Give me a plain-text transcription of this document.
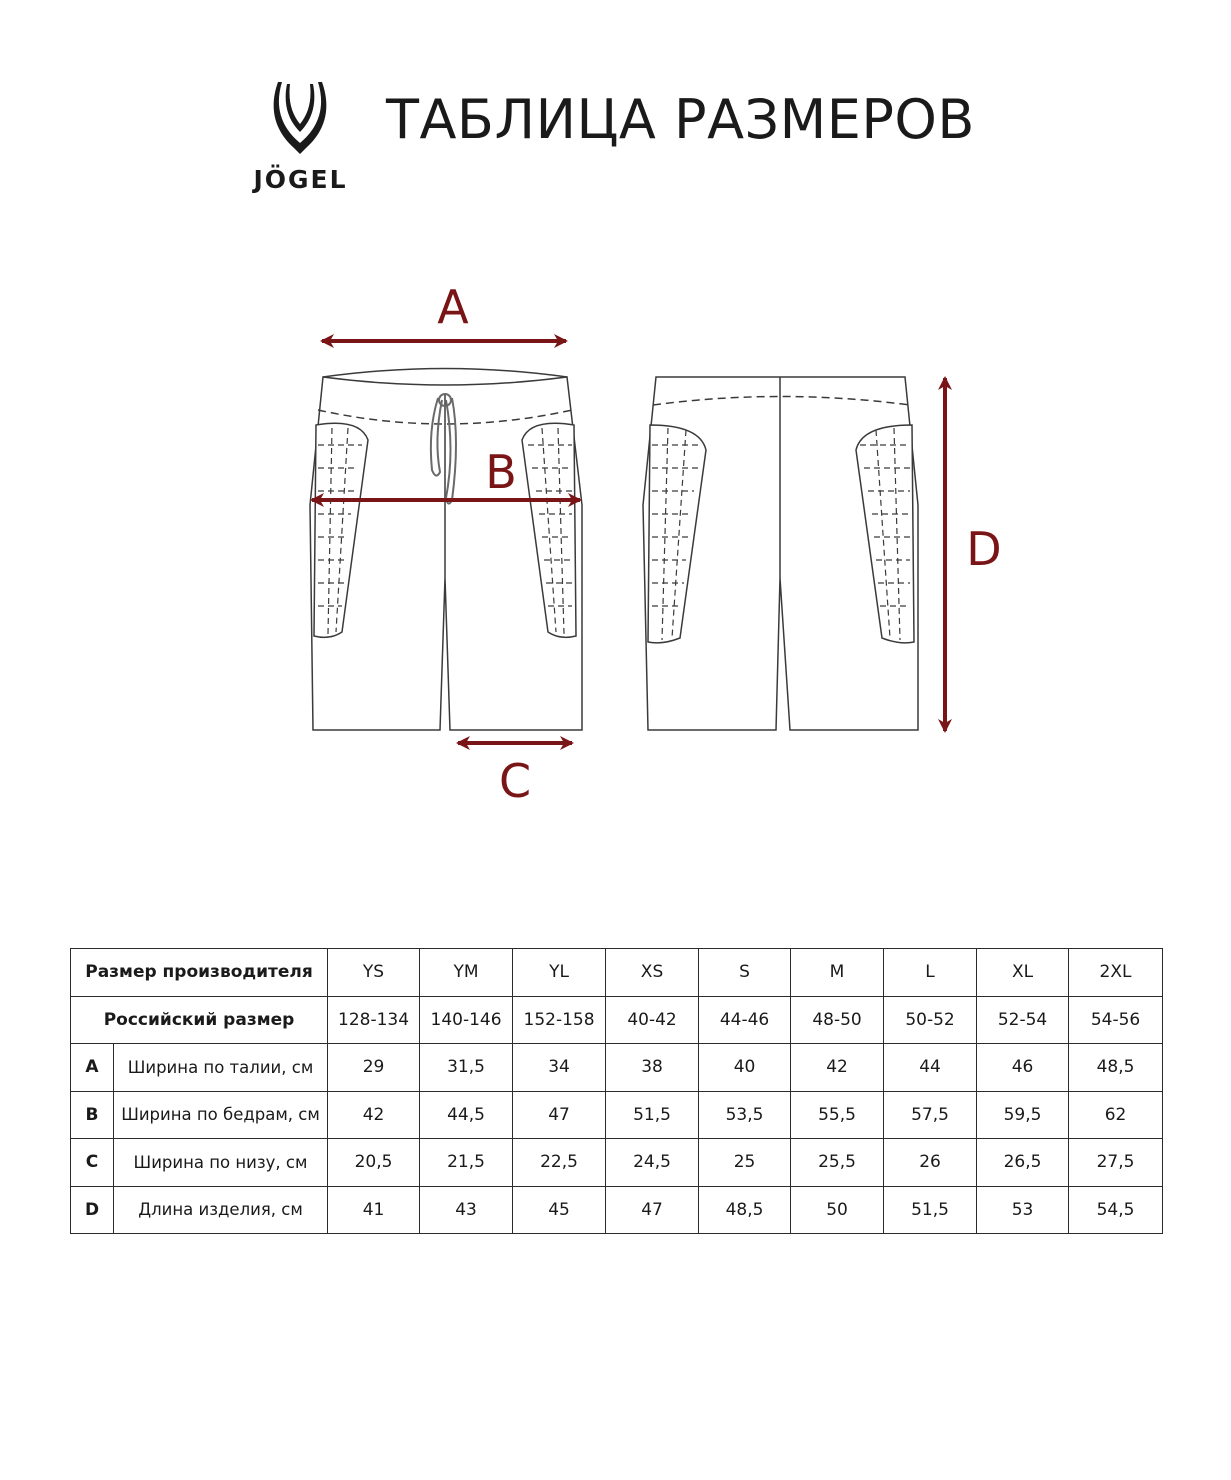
JÖGEL
ТАБЛИЦА РАЗМЕРОВ
A
B
C
D
Размер производителя		YS	YM	YL	XS	S	M	L	XL	2XL
Российский размер		128-134	140-146	152-158	40-42	44-46	48-50	50-52	52-54	54-56
A	Ширина по талии, см	29	31,5	34	38	40	42	44	46	48,5
B	Ширина по бедрам, см	42	44,5	47	51,5	53,5	55,5	57,5	59,5	62
C	Ширина по низу, см	20,5	21,5	22,5	24,5	25	25,5	26	26,5	27,5
D	Длина изделия, см	41	43	45	47	48,5	50	51,5	53	54,5
